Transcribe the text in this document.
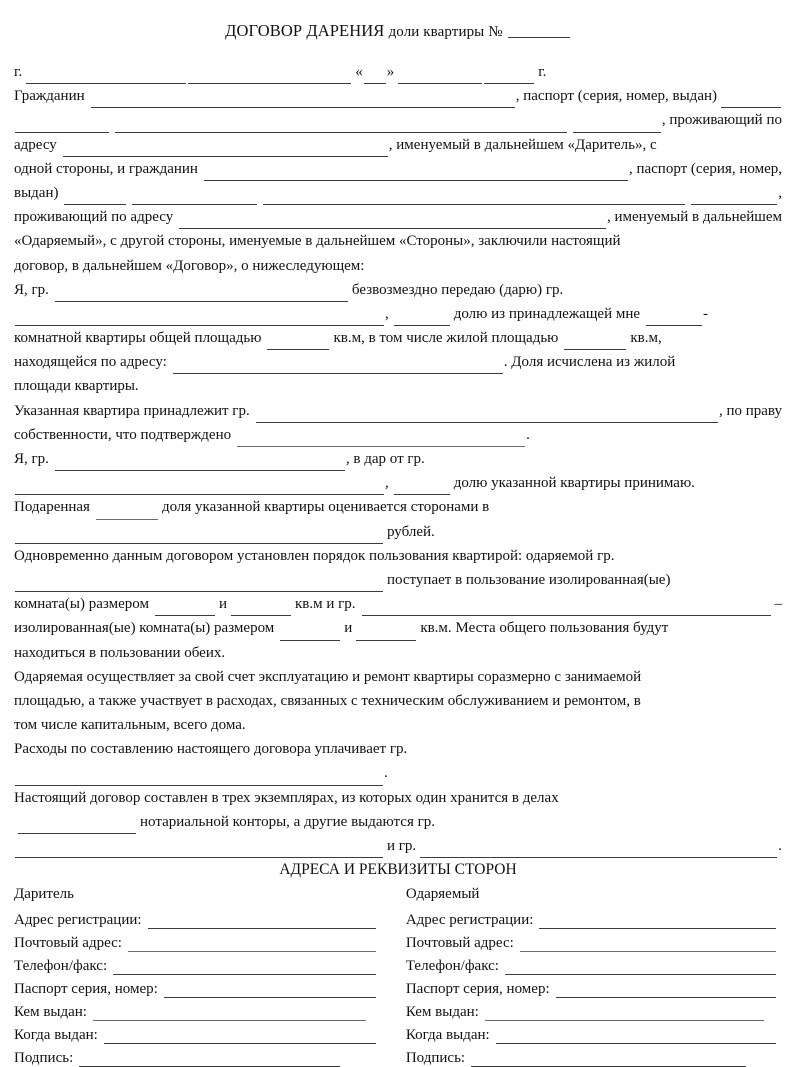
ДОГОВОР ДАРЕНИЯ доли квартиры №
г.	« »	г.
Гражданин	, паспорт (серия, номер, выдан)
, проживающий по
адресу	, именуемый в дальнейшем «Даритель», с
одной стороны, и гражданин	, паспорт (серия, номер,
выдан)	,
проживающий по адресу	, именуемый в дальнейшем
«Одаряемый», с другой стороны, именуемые в дальнейшем «Стороны», заключили настоящий
договор, в дальнейшем «Договор», о нижеследующем:
Я, гр.	безвозмездно передаю (дарю) гр.
,	долю из принадлежащей мне	-
комнатной квартиры общей площадью	кв.м, в том числе жилой площадью	кв.м,
находящейся по адресу:	. Доля исчислена из жилой
площади квартиры.
Указанная квартира принадлежит гр.	, по праву
собственности, что подтверждено	.
Я, гр.	, в дар от гр.
,	долю указанной квартиры принимаю.
Подаренная	доля указанной квартиры оценивается сторонами в
рублей.
Одновременно данным договором установлен порядок пользования квартирой: одаряемой гр.
поступает в пользование изолированная(ые)
комната(ы) размером	и	кв.м и гр.	–
изолированная(ые) комната(ы) размером	и	кв.м. Места общего пользования будут
находиться в пользовании обеих.
Одаряемая осуществляет за свой счет эксплуатацию и ремонт квартиры соразмерно с занимаемой
площадью, а также участвует в расходах, связанных с техническим обслуживанием и ремонтом, в
том числе капитальным, всего дома.
Расходы по составлению настоящего договора уплачивает гр.
.
Настоящий договор составлен в трех экземплярах, из которых один хранится в делах
нотариальной конторы, а другие выдаются гр.
и гр.	.
АДРЕСА И РЕКВИЗИТЫ СТОРОН
Даритель
Адрес регистрации:
Почтовый адрес:
Телефон/факс:
Паспорт серия, номер:
Кем выдан:
Когда выдан:
Подпись:
Одаряемый
Адрес регистрации:
Почтовый адрес:
Телефон/факс:
Паспорт серия, номер:
Кем выдан:
Когда выдан:
Подпись:
